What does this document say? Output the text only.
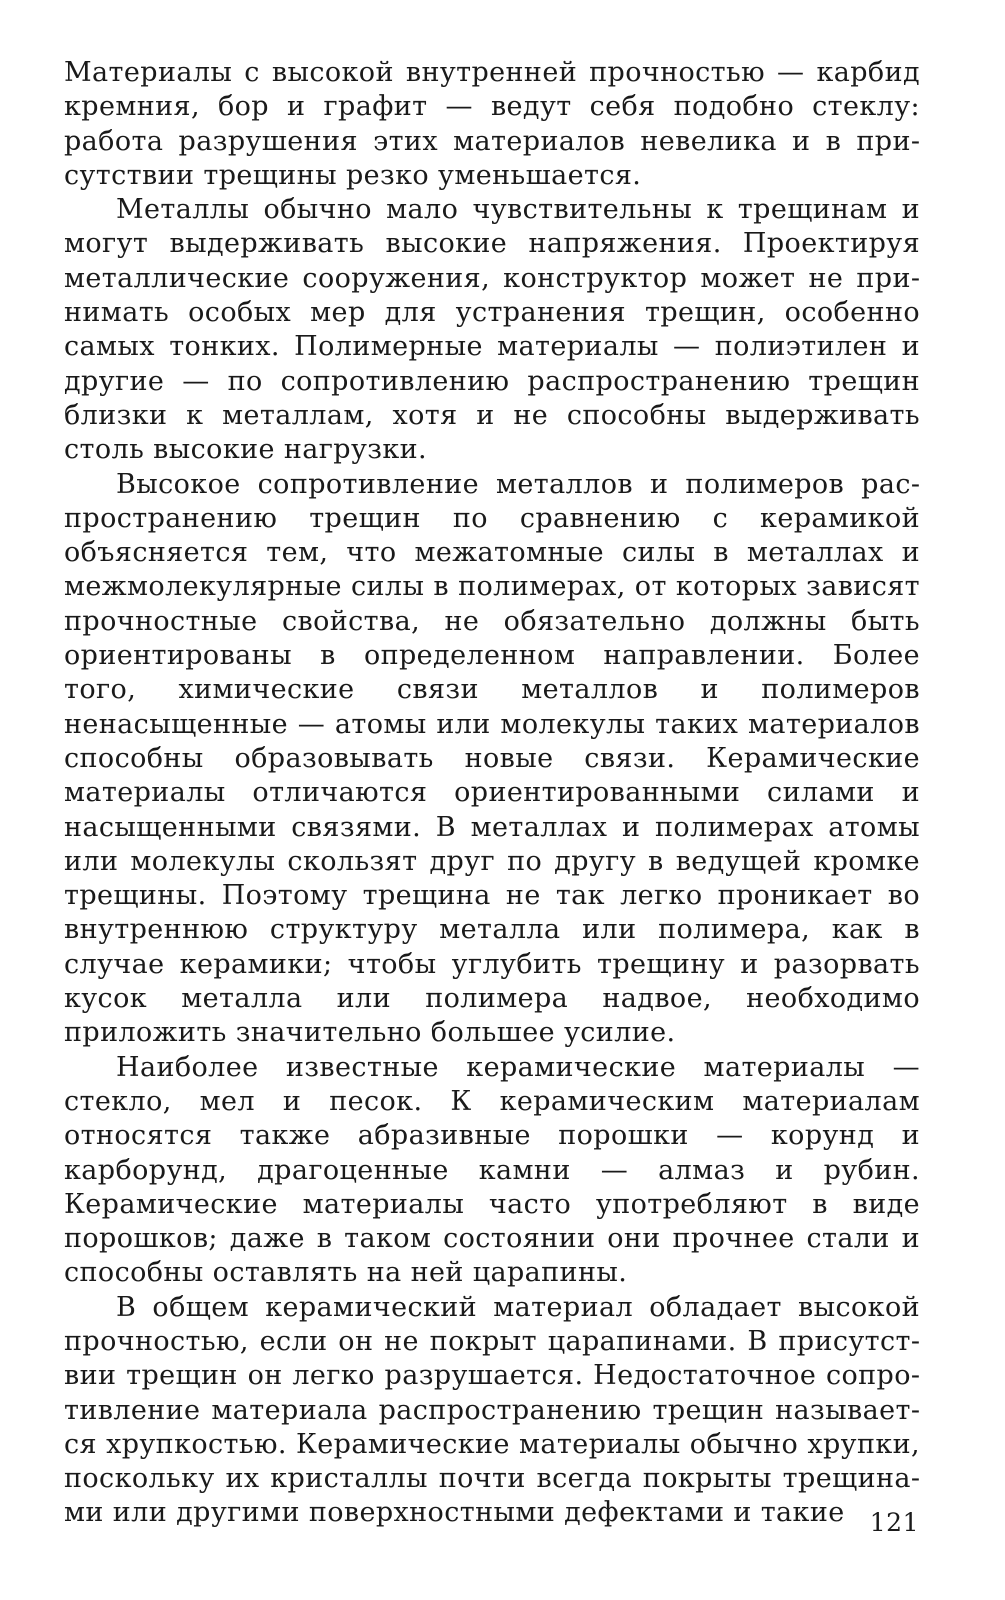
Материалы с высокой внутренней прочностью — карбид кремния, бор и графит — ведут себя подобно стеклу: работа разрушения этих материалов невелика и в присутствии трещины резко уменьшается.

Металлы обычно мало чувствительны к трещинам и могут выдерживать высокие напряжения. Проектируя металлические сооружения, конструктор может не принимать особых мер для устранения трещин, особенно самых тонких. Полимерные материалы — полиэтилен и другие — по сопротивлению распространению трещин близки к металлам, хотя и не способны выдерживать столь высокие нагрузки.

Высокое сопротивление металлов и полимеров распространению трещин по сравнению с керамикой объясняется тем, что межатомные силы в металлах и межмолекулярные силы в полимерах, от которых зависят прочностные свойства, не обязательно должны быть ориентированы в определенном направлении. Более того, химические связи металлов и полимеров ненасыщенные — атомы или молекулы таких материалов способны образовывать новые связи. Керамические материалы отличаются ориентированными силами и насыщенными связями. В металлах и полимерах атомы или молекулы скользят друг по другу в ведущей кромке трещины. Поэтому трещина не так легко проникает во внутреннюю структуру металла или полимера, как в случае керамики; чтобы углубить трещину и разорвать кусок металла или полимера надвое, необходимо приложить значительно большее усилие.

Наиболее известные керамические материалы — стекло, мел и песок. К керамическим материалам относятся также абразивные порошки — корунд и карборунд, драгоценные камни — алмаз и рубин. Керамические материалы часто употребляют в виде порошков; даже в таком состоянии они прочнее стали и способны оставлять на ней царапины.

В общем керамический материал обладает высокой прочностью, если он не покрыт царапинами. В присутствии трещин он легко разрушается. Недостаточное сопротивление материала распространению трещин называется хрупкостью. Керамические материалы обычно хрупки, поскольку их кристаллы почти всегда покрыты трещинами или другими поверхностными дефектами и такие	121
